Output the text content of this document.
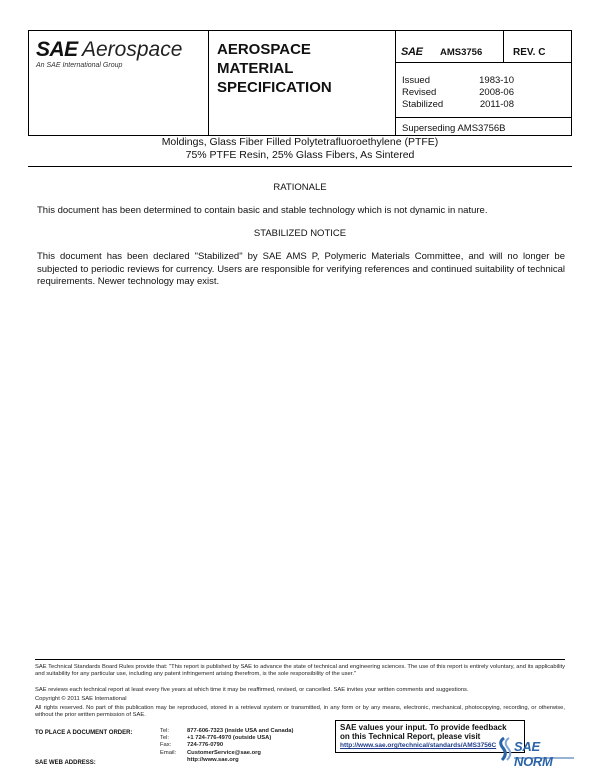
SAE Aerospace
An SAE International Group
AEROSPACE
MATERIAL
SPECIFICATION
SAE AMS3756	REV. C
Issued	1983-10
Revised	2008-06
Stabilized	2011-08
Superseding AMS3756B
Moldings, Glass Fiber Filled Polytetrafluoroethylene (PTFE)
75% PTFE Resin, 25% Glass Fibers, As Sintered
RATIONALE
This document has been determined to contain basic and stable technology which is not dynamic in nature.
STABILIZED NOTICE
This document has been declared "Stabilized" by SAE AMS P, Polymeric Materials Committee, and will no longer be subjected to periodic reviews for currency. Users are responsible for verifying references and continued suitability of technical requirements. Newer technology may exist.
SAE Technical Standards Board Rules provide that: "This report is published by SAE to advance the state of technical and engineering sciences. The use of this report is entirely voluntary, and its applicability and suitability for any particular use, including any patent infringement arising therefrom, is the sole responsibility of the user."
SAE reviews each technical report at least every five years at which time it may be reaffirmed, revised, or cancelled. SAE invites your written comments and suggestions.
Copyright © 2011 SAE International
All rights reserved. No part of this publication may be reproduced, stored in a retrieval system or transmitted, in any form or by any means, electronic, mechanical, photocopying, recording, or otherwise, without the prior written permission of SAE.
TO PLACE A DOCUMENT ORDER:
SAE WEB ADDRESS:
Tel:	877-606-7323 (inside USA and Canada)
Tel:	+1 724-776-4970 (outside USA)
Fax:	724-776-0790
Email:	CustomerService@sae.org
http://www.sae.org
SAE values your input. To provide feedback
on this Technical Report, please visit
http://www.sae.org/technical/standards/AMS3756C	SAE NORM
